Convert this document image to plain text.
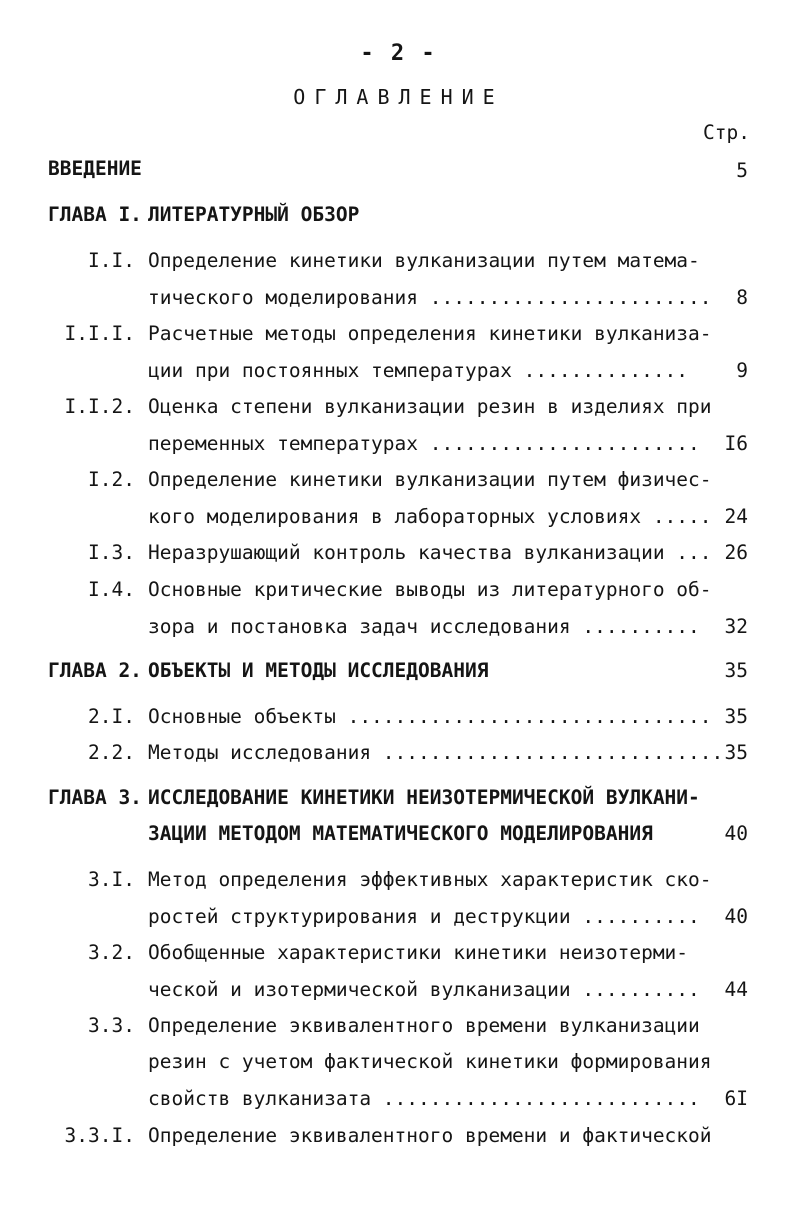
- 2 -
ОГЛАВЛЕНИЕ
Стр.
ВВЕДЕНИЕ	5
ГЛАВА I. ЛИТЕРАТУРНЫЙ ОБЗОР
I.I. Определение кинетики вулканизации путем матема-
тического моделирования ........................ 8
I.I.I. Расчетные методы определения кинетики вулканиза-
ции при постоянных температурах .............. 9
I.I.2. Оценка степени вулканизации резин в изделиях при
переменных температурах ....................... I6
I.2. Определение кинетики вулканизации путем физичес-
кого моделирования в лабораторных условиях ..... 24
I.3. Неразрушающий контроль качества вулканизации ... 26
I.4. Основные критические выводы из литературного об-
зора и постановка задач исследования .......... 32
ГЛАВА 2. ОБЪЕКТЫ И МЕТОДЫ ИССЛЕДОВАНИЯ	35
2.I. Основные объекты ............................... 35
2.2. Методы исследования ............................. 35
ГЛАВА 3. ИССЛЕДОВАНИЕ КИНЕТИКИ НЕИЗОТЕРМИЧЕСКОЙ ВУЛКАНИ-
ЗАЦИИ МЕТОДОМ МАТЕМАТИЧЕСКОГО МОДЕЛИРОВАНИЯ	40
3.I. Метод определения эффективных характеристик ско-
ростей структурирования и деструкции .......... 40
3.2. Обобщенные характеристики кинетики неизотерми-
ческой и изотермической вулканизации .......... 44
3.3. Определение эквивалентного времени вулканизации
резин с учетом фактической кинетики формирования
свойств вулканизата ........................... 6I
3.3.I. Определение эквивалентного времени и фактической
